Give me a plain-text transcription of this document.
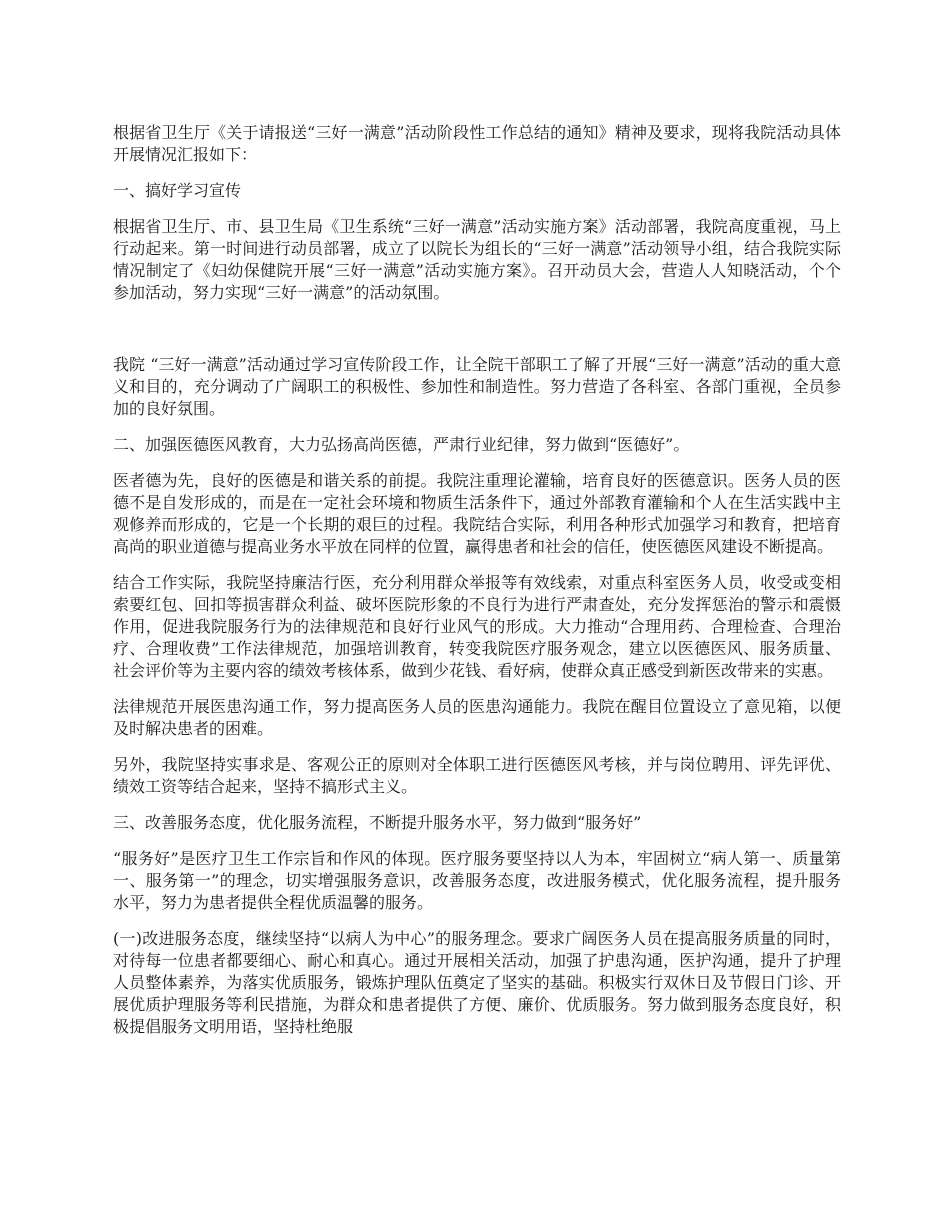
根据省卫生厅《关于请报送“三好一满意”活动阶段性工作总结的通知》精神及要求，现将我院活动具体开展情况汇报如下：

一、搞好学习宣传

根据省卫生厅、市、县卫生局《卫生系统“三好一满意”活动实施方案》活动部署，我院高度重视，马上行动起来。第一时间进行动员部署，成立了以院长为组长的“三好一满意”活动领导小组，结合我院实际情况制定了《妇幼保健院开展“三好一满意”活动实施方案》。召开动员大会，营造人人知晓活动，个个参加活动，努力实现“三好一满意”的活动氛围。

我院 “三好一满意”活动通过学习宣传阶段工作，让全院干部职工了解了开展“三好一满意”活动的重大意义和目的，充分调动了广阔职工的积极性、参加性和制造性。努力营造了各科室、各部门重视，全员参加的良好氛围。

二、加强医德医风教育，大力弘扬高尚医德，严肃行业纪律，努力做到“医德好”。

医者德为先，良好的医德是和谐关系的前提。我院注重理论灌输，培育良好的医德意识。医务人员的医德不是自发形成的，而是在一定社会环境和物质生活条件下，通过外部教育灌输和个人在生活实践中主观修养而形成的，它是一个长期的艰巨的过程。我院结合实际，利用各种形式加强学习和教育，把培育高尚的职业道德与提高业务水平放在同样的位置，赢得患者和社会的信任，使医德医风建设不断提高。

结合工作实际，我院坚持廉洁行医，充分利用群众举报等有效线索，对重点科室医务人员，收受或变相索要红包、回扣等损害群众利益、破坏医院形象的不良行为进行严肃查处，充分发挥惩治的警示和震慑作用，促进我院服务行为的法律规范和良好行业风气的形成。大力推动“合理用药、合理检查、合理治疗、合理收费”工作法律规范，加强培训教育，转变我院医疗服务观念，建立以医德医风、服务质量、社会评价等为主要内容的绩效考核体系，做到少花钱、看好病，使群众真正感受到新医改带来的实惠。

法律规范开展医患沟通工作，努力提高医务人员的医患沟通能力。我院在醒目位置设立了意见箱，以便及时解决患者的困难。

另外，我院坚持实事求是、客观公正的原则对全体职工进行医德医风考核，并与岗位聘用、评先评优、绩效工资等结合起来，坚持不搞形式主义。

三、改善服务态度，优化服务流程，不断提升服务水平，努力做到“服务好”

“服务好”是医疗卫生工作宗旨和作风的体现。医疗服务要坚持以人为本，牢固树立“病人第一、质量第一、服务第一”的理念，切实增强服务意识，改善服务态度，改进服务模式，优化服务流程，提升服务水平，努力为患者提供全程优质温馨的服务。

(一)改进服务态度，继续坚持“以病人为中心”的服务理念。要求广阔医务人员在提高服务质量的同时，对待每一位患者都要细心、耐心和真心。通过开展相关活动，加强了护患沟通，医护沟通，提升了护理人员整体素养，为落实优质服务，锻炼护理队伍奠定了坚实的基础。积极实行双休日及节假日门诊、开展优质护理服务等利民措施，为群众和患者提供了方便、廉价、优质服务。努力做到服务态度良好，积极提倡服务文明用语，坚持杜绝服
